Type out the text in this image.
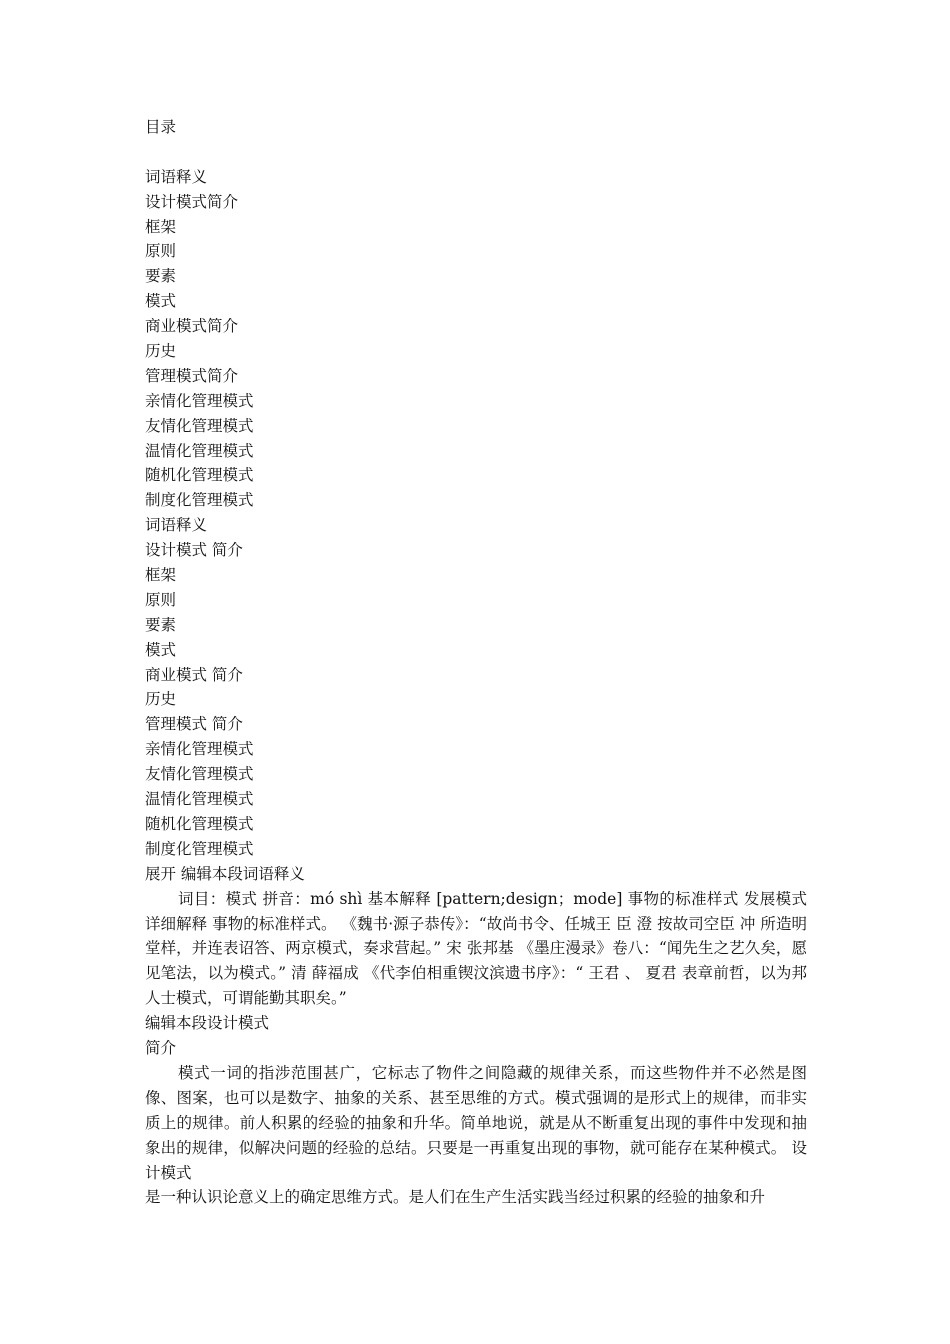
目录
词语释义
设计模式简介
框架
原则
要素
模式
商业模式简介
历史
管理模式简介
亲情化管理模式
友情化管理模式
温情化管理模式
随机化管理模式
制度化管理模式
词语释义
设计模式 简介
框架
原则
要素
模式
商业模式 简介
历史
管理模式 简介
亲情化管理模式
友情化管理模式
温情化管理模式
随机化管理模式
制度化管理模式
展开 编辑本段词语释义

词目：模式 拼音：mó shì 基本解释 [pattern;design；mode] 事物的标准样式 发展模式 详细解释 事物的标准样式。 《魏书·源子恭传》：“故尚书令、任城王 臣 澄 按故司空臣 冲 所造明堂样，并连表诏答、两京模式，奏求营起。” 宋 张邦基 《墨庄漫录》卷八：“闻先生之艺久矣，愿见笔法，以为模式。” 清 薛福成 《代李伯相重锲汶滨遗书序》：“ 王君 、 夏君 表章前哲，以为邦人士模式，可谓能勤其职矣。”

编辑本段设计模式
简介

模式一词的指涉范围甚广，它标志了物件之间隐藏的规律关系，而这些物件并不必然是图像、图案，也可以是数字、抽象的关系、甚至思维的方式。模式强调的是形式上的规律，而非实质上的规律。前人积累的经验的抽象和升华。简单地说，就是从不断重复出现的事件中发现和抽象出的规律，似解决问题的经验的总结。只要是一再重复出现的事物，就可能存在某种模式。 设计模式

是一种认识论意义上的确定思维方式。是人们在生产生活实践当经过积累的经验的抽象和升
